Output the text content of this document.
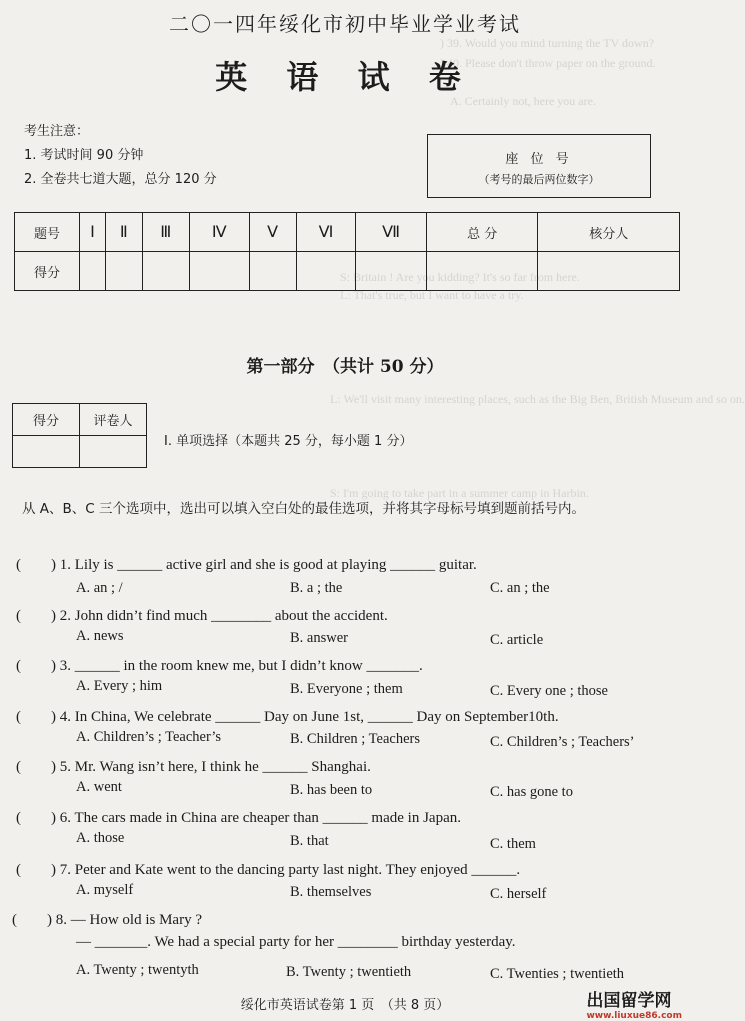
) 39. Would you mind turning the TV down?
) 40. Please don't throw paper on the ground.
A. Certainly not, here you are.
S: Britain ! Are you kidding? It's so far from here.
L: That's true, but I want to have a try.
L: We'll visit many interesting places, such as the Big Ben, British Museum and so on.
S: I'm going to take part in a summer camp in Harbin.
二〇一四年绥化市初中毕业学业考试
英 语 试 卷
考生注意：
1. 考试时间 90 分钟
2. 全卷共七道大题，总分 120 分
座 位 号
（考号的最后两位数字）
题号	Ⅰ	Ⅱ	Ⅲ	Ⅳ	Ⅴ	Ⅵ	Ⅶ	总 分	核分人
得分									
第一部分　（共计 50 分）
得分	评卷人

Ⅰ. 单项选择（本题共 25 分，每小题 1 分）
从 A、B、C 三个选项中，选出可以填入空白处的最佳选项，并将其字母标号填到题前括号内。
(　　) 1. Lily is ______ active girl and she is good at playing ______ guitar.
A. an ; /	B. a ; the	C. an ; the
(　　) 2. John didn’t find much ________ about the accident.
A. news	B. answer	C. article
(　　) 3. ______ in the room knew me, but I didn’t know _______.
A. Every ; him	B. Everyone ; them	C. Every one ; those
(　　) 4. In China, We celebrate ______ Day on June 1st, ______ Day on September10th.
A. Children’s ; Teacher’s	B. Children ; Teachers	C. Children’s ; Teachers’
(　　) 5. Mr. Wang isn’t here, I think he ______ Shanghai.
A. went	B. has been to	C. has gone to
(　　) 6. The cars made in China are cheaper than ______ made in Japan.
A. those	B. that	C. them
(　　) 7. Peter and Kate went to the dancing party last night. They enjoyed ______.
A. myself	B. themselves	C. herself
(　　) 8. — How old is Mary ?
— _______. We had a special party for her ________ birthday yesterday.
A. Twenty ; twentyth	B. Twenty ; twentieth	C. Twenties ; twentieth
绥化市英语试卷第 1 页　（共 8 页）	出国留学网
www.liuxue86.com
